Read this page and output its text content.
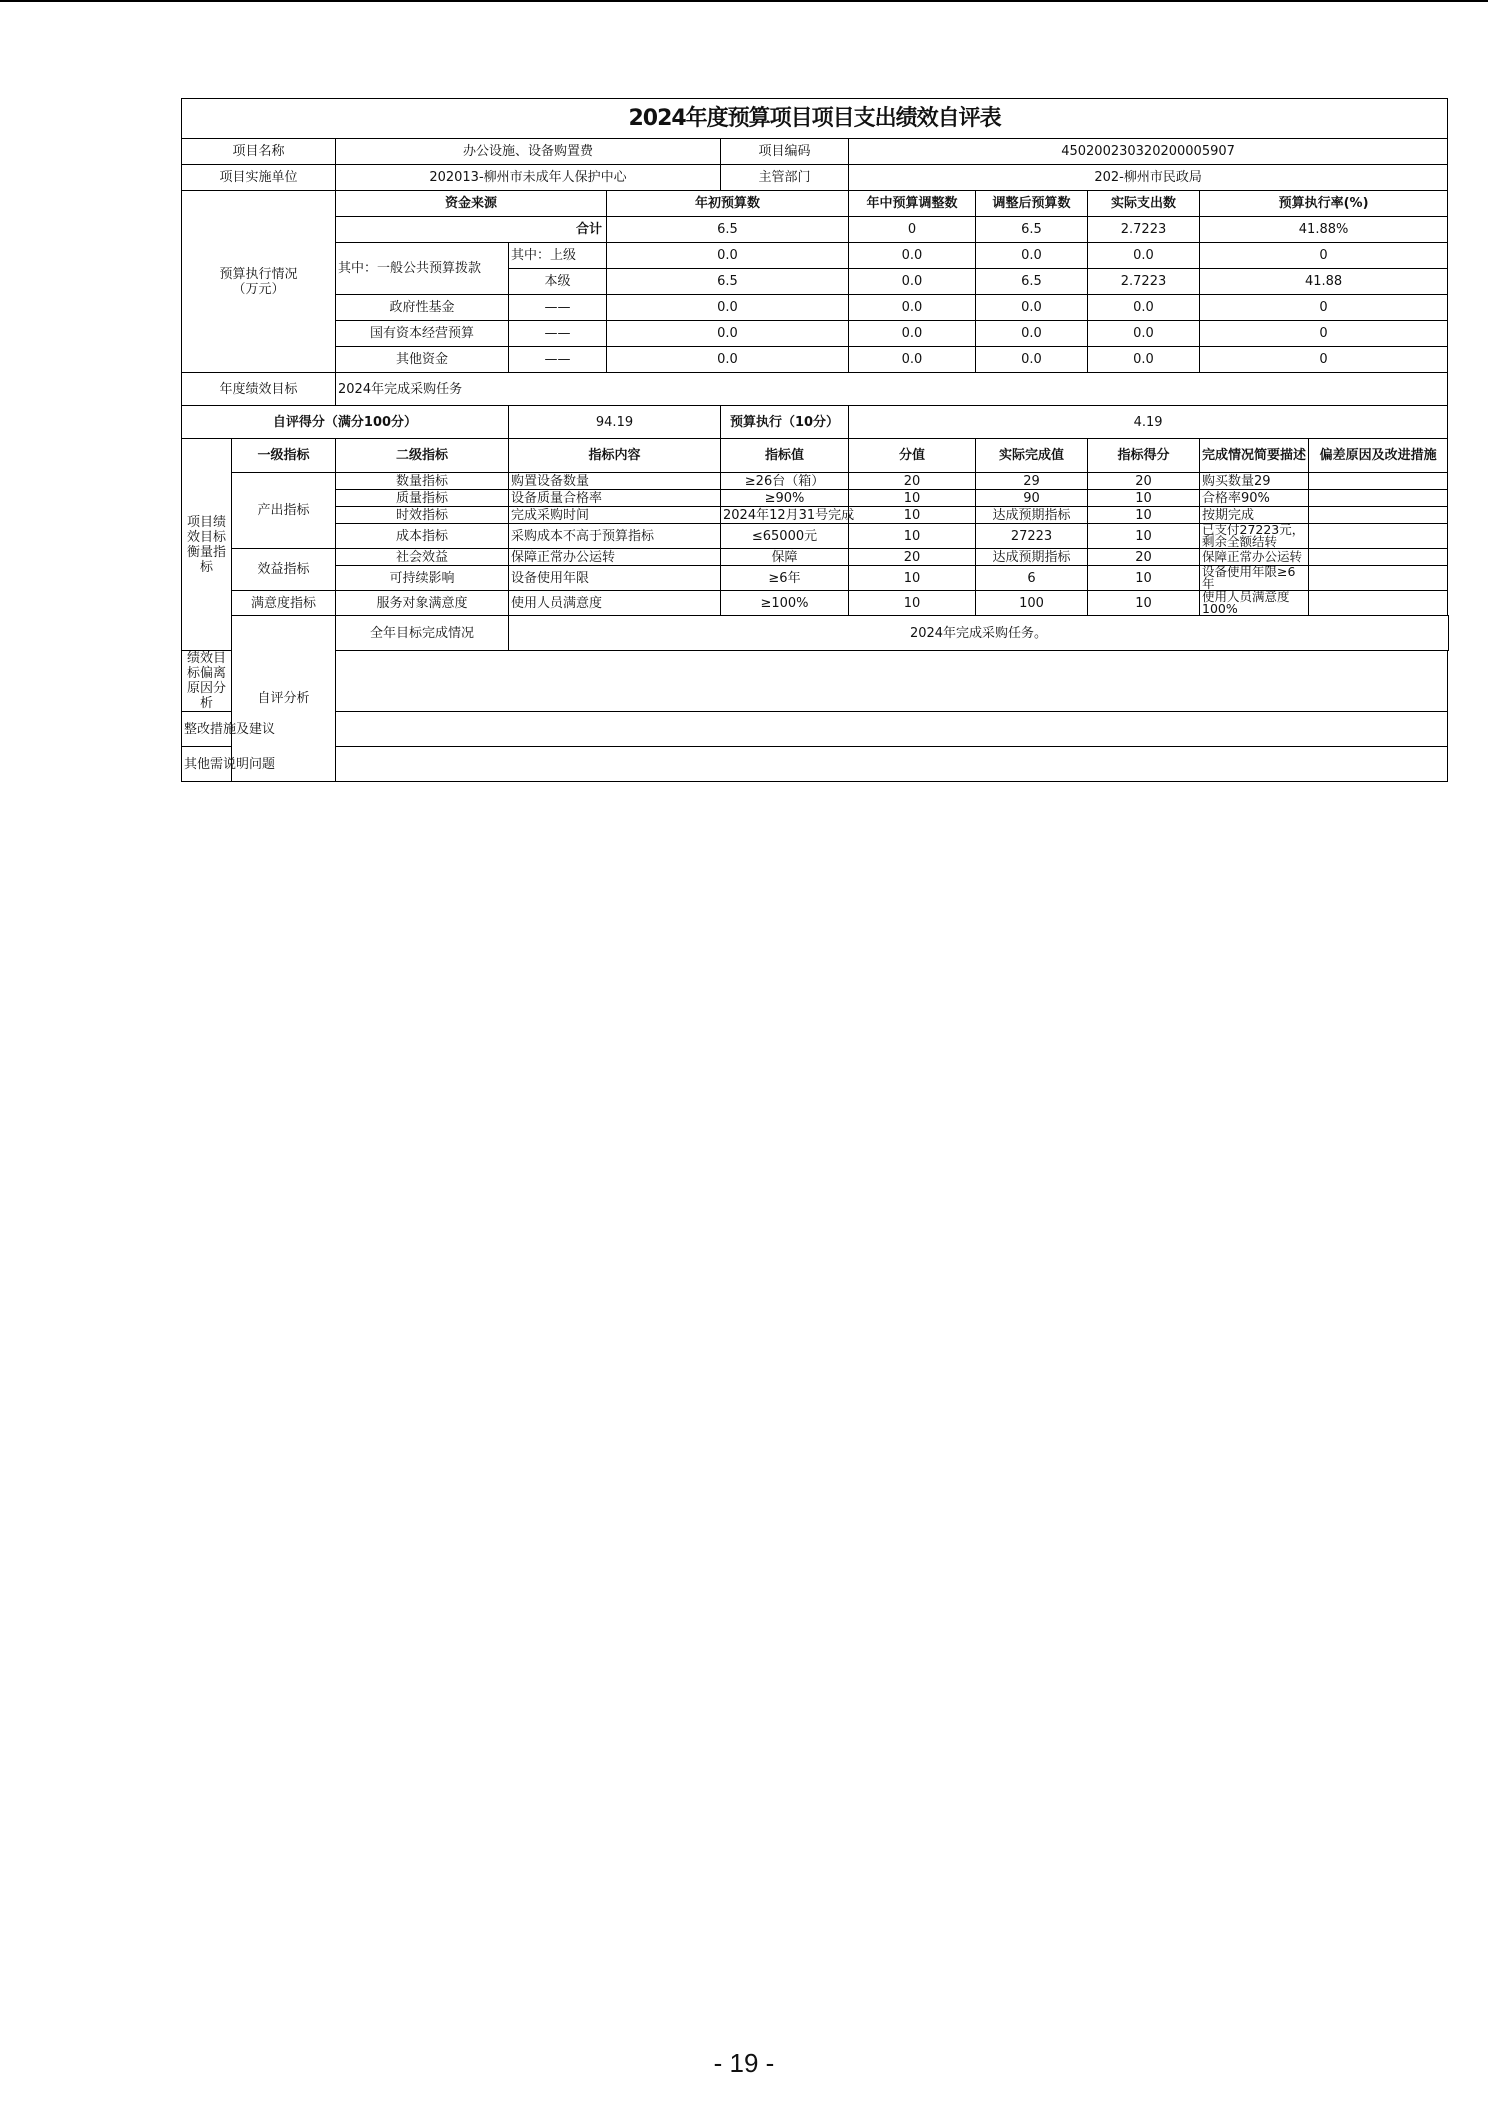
2024年度预算项目项目支出绩效自评表										
项目名称		办公设施、设备购置费			项目编码	450200230320200005907				
项目实施单位		202013-柳州市未成年人保护中心			主管部门	202-柳州市民政局				
预算执行情况
（万元）		资金来源		年初预算数		年中预算调整数	调整后预算数	实际支出数	预算执行率(%)	
		合计		6.5		0	6.5	2.7223	41.88%	
		其中：一般公共预算拨款	其中：上级	0.0		0.0	0.0	0.0	0	
			本级	6.5		0.0	6.5	2.7223	41.88	
		政府性基金	——	0.0		0.0	0.0	0.0	0	
		国有资本经营预算	——	0.0		0.0	0.0	0.0	0	
		其他资金	——	0.0		0.0	0.0	0.0	0	
年度绩效目标		2024年完成采购任务								
自评得分（满分100分）			94.19		预算执行（10分）	4.19				
项目绩效目标衡量指标	一级指标	二级指标	指标内容		指标值	分值	实际完成值	指标得分	完成情况简要描述	偏差原因及改进措施
	产出指标	数量指标	购置设备数量		≥26台（箱）	20	29	20	购买数量29	
		质量指标	设备质量合格率		≥90%	10	90	10	合格率90%	
		时效指标	完成采购时间		2024年12月31号完成	10	达成预期指标	10	按期完成	
		成本指标	采购成本不高于预算指标		≤65000元	10	27223	10	已支付27223元，剩余全额结转	
	效益指标	社会效益	保障正常办公运转		保障	20	达成预期指标	20	保障正常办公运转	
		可持续影响	设备使用年限		≥6年	10	6	10	设备使用年限≥6年	
	满意度指标	服务对象满意度	使用人员满意度		≥100%	10	100	10	使用人员满意度100%	
	自评分析	全年目标完成情况	2024年完成采购任务。							
绩效目标偏离原因分析										
整改措施及建议										
其他需说明问题										
- 19 -
